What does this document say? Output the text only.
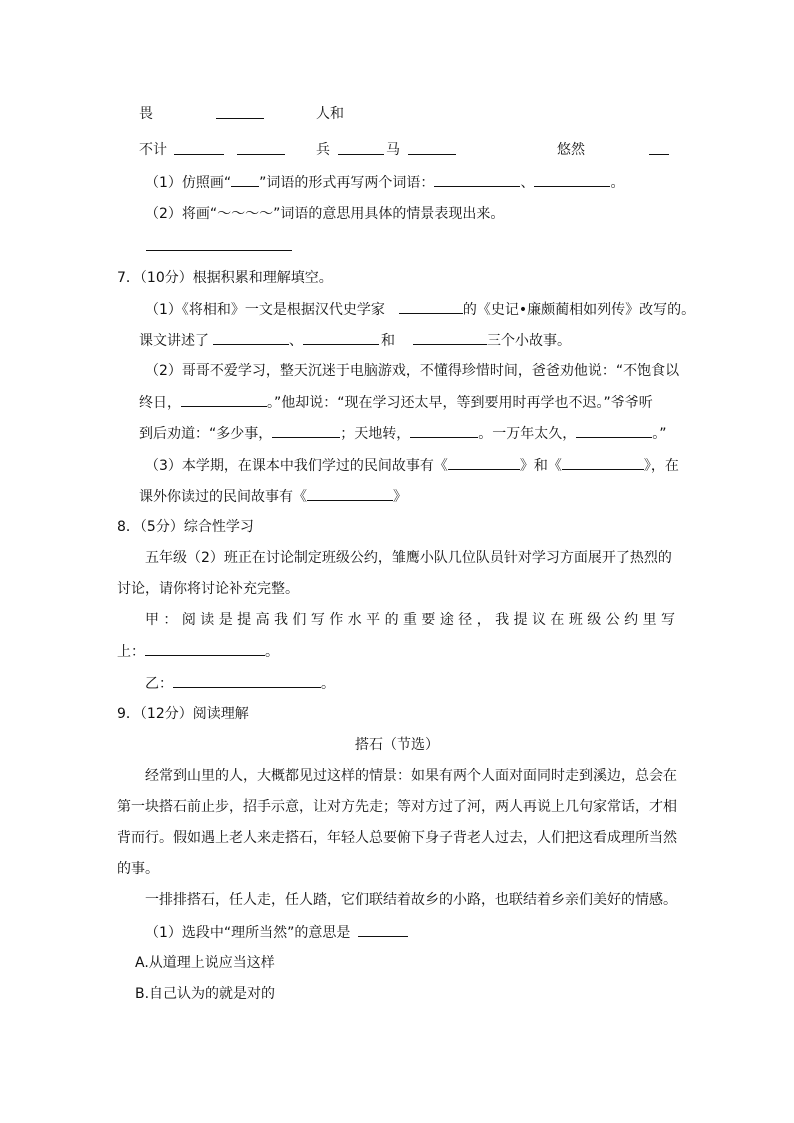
畏	人和
不计	兵	马	悠然
（1）仿照画“ ”词语的形式再写两个词语：	、	。
（2）将画“～～～～”词语的意思用具体的情景表现出来。
7．（10分）根据积累和理解填空。
（1）《将相和》一文是根据汉代史学家	的《史记•廉颇蔺相如列传》改写的。
课文讲述了	、	和	三个小故事。
（2）哥哥不爱学习，整天沉迷于电脑游戏，不懂得珍惜时间，爸爸劝他说：“不饱食以
终日，	。”他却说：“现在学习还太早，等到要用时再学也不迟。”爷爷听
到后劝道：“多少事，	；天地转，	。一万年太久，	。”
（3）本学期，在课本中我们学过的民间故事有《	》和《	》，在
课外你读过的民间故事有《	》
8．（5分）综合性学习
五年级（2）班正在讨论制定班级公约，雏鹰小队几位队员针对学习方面展开了热烈的
讨论，请你将讨论补充完整。
甲：阅读是提高我们写作水平的重要途径，我提议在班级公约里写
上：	。
乙：	。
9．（12分）阅读理解
搭石（节选）
经常到山里的人，大概都见过这样的情景：如果有两个人面对面同时走到溪边，总会在
第一块搭石前止步，招手示意，让对方先走；等对方过了河，两人再说上几句家常话，才相
背而行。假如遇上老人来走搭石，年轻人总要俯下身子背老人过去，人们把这看成理所当然
的事。
一排排搭石，任人走，任人踏，它们联结着故乡的小路，也联结着乡亲们美好的情感。
（1）选段中“理所当然”的意思是
A.从道理上说应当这样
B.自己认为的就是对的
